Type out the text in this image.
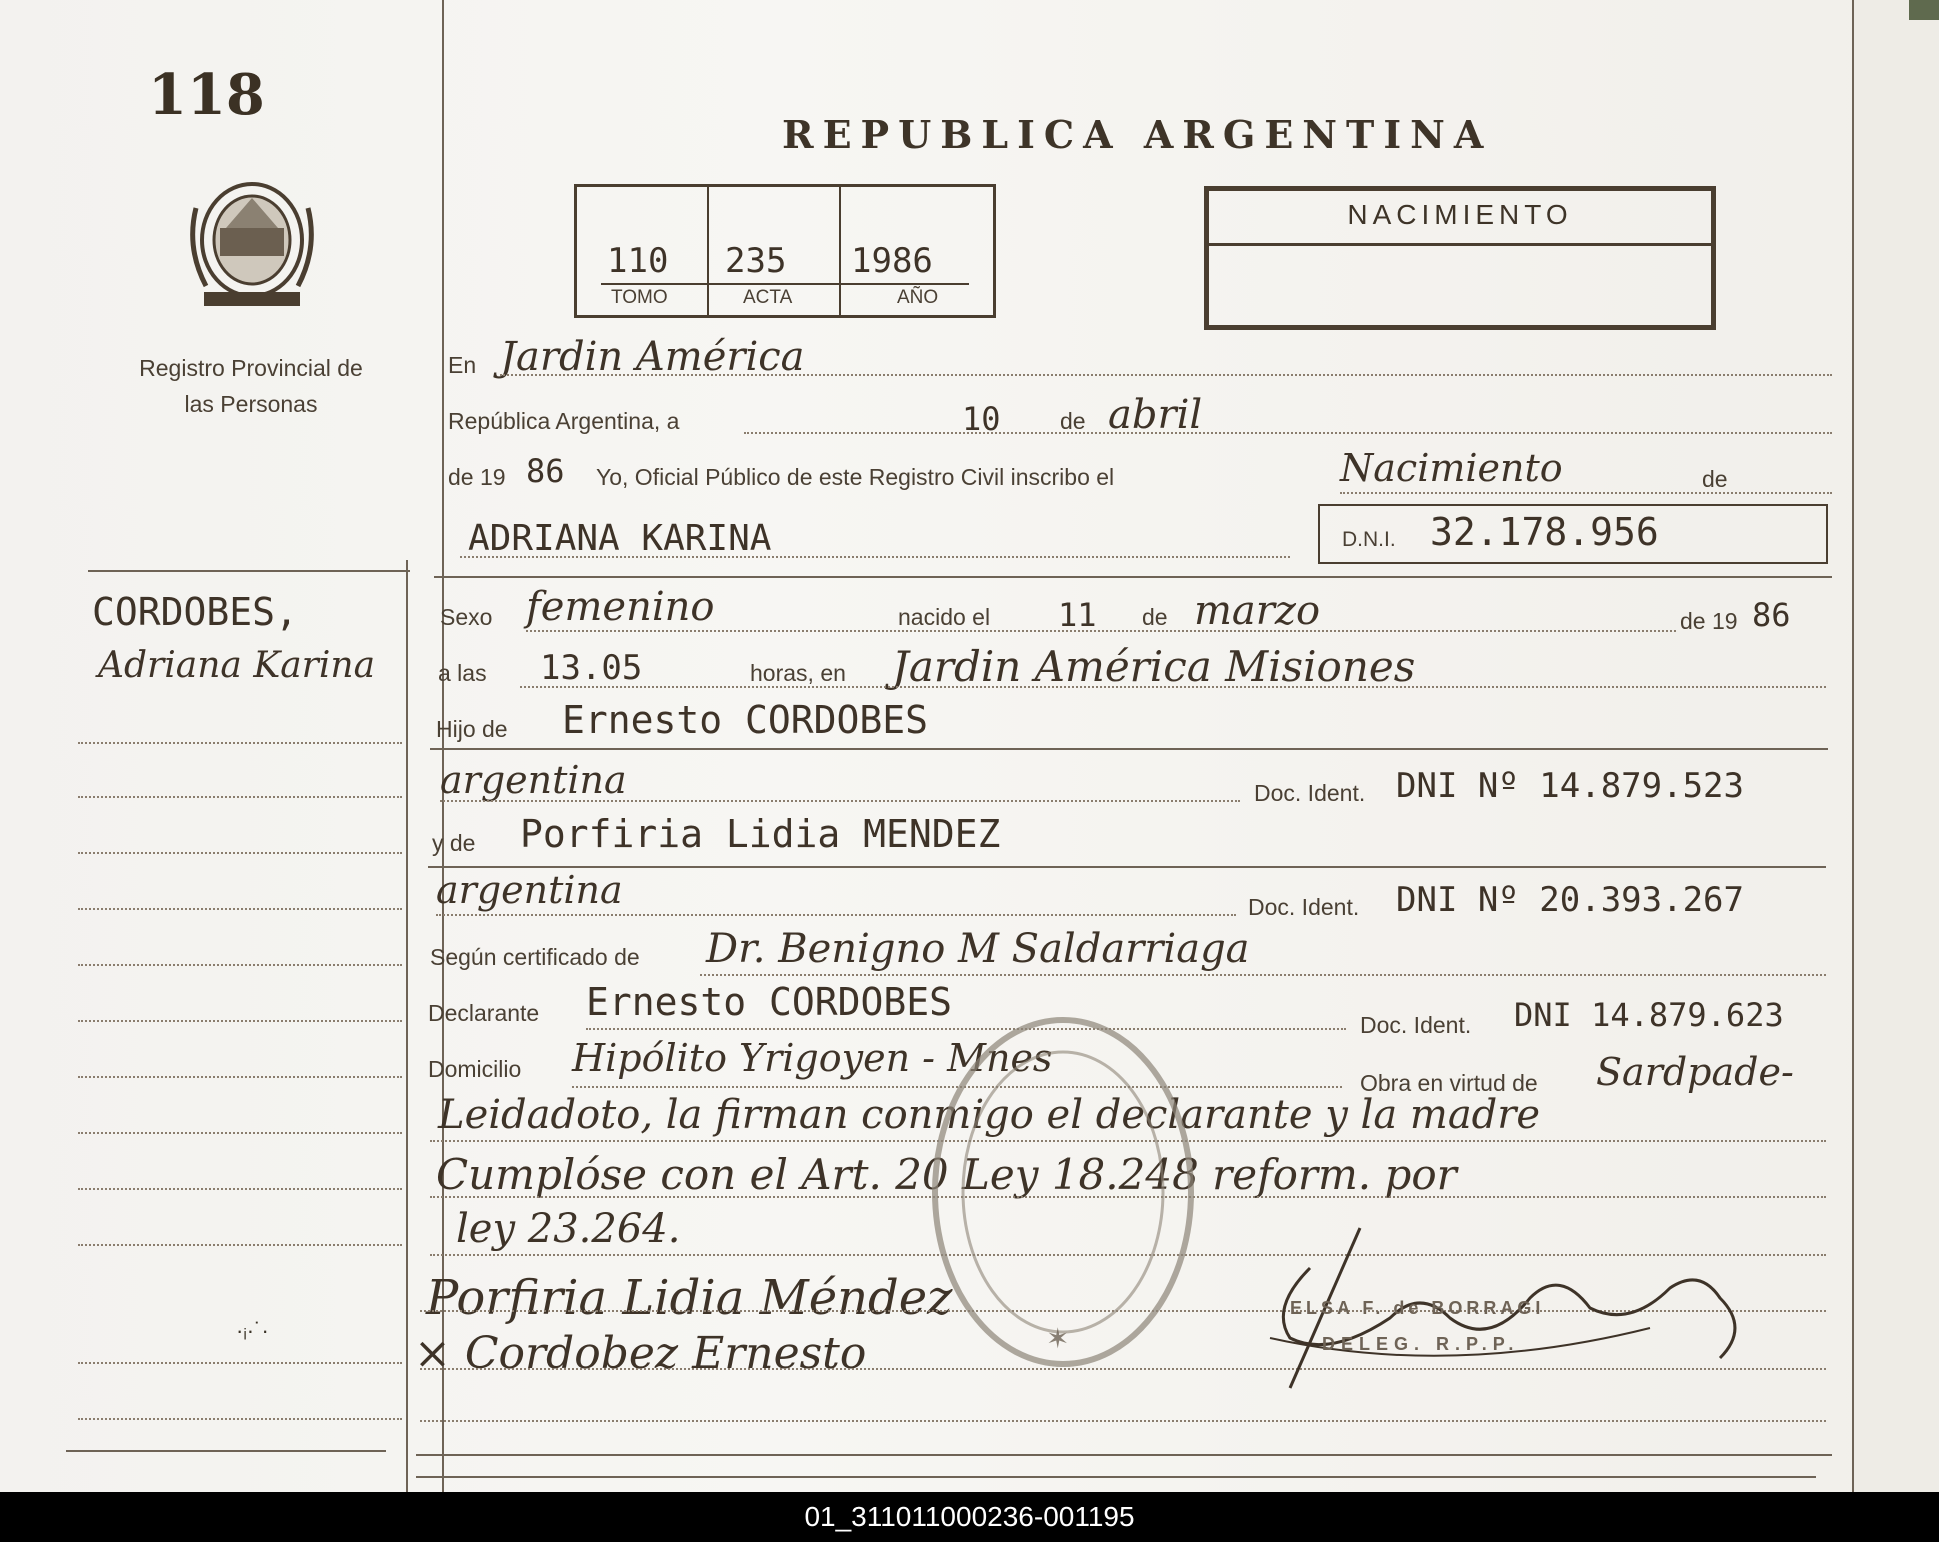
118
Registro Provincial de las Personas
REPUBLICA ARGENTINA
110
TOMO
235
ACTA
1986
AÑO
NACIMIENTO
CORDOBES,
Adriana Karina
·ᵢ·˙·
En Jardin América
República Argentina, a	10	de abril
de 19 86 Yo, Oficial Público de este Registro Civil inscribo el	Nacimiento	de
ADRIANA KARINA	D.N.I. 32.178.956
Sexo femenino	nacido el 11 de marzo	de 19 86
a las 13.05	horas, en Jardin América Misiones
Hijo de Ernesto CORDOBES
argentina	Doc. Ident. DNI Nº 14.879.523
y de Porfiria Lidia MENDEZ
argentina	Doc. Ident. DNI Nº 20.393.267
Según certificado de Dr. Benigno M Saldarriaga
Declarante Ernesto CORDOBES
Doc. Ident. DNI 14.879.623
Domicilio Hipólito Yrigoyen - Mnes
Obra en virtud de Sardpade-
Leidadoto, la firman conmigo el declarante y la madre
Cumplóse con el Art. 20 Ley 18.248 reform. por
ley 23.264.
Porfiria Lidia Méndez
× Cordobez Ernesto	✶
ELSA F. de BORRAGI
DELEG. R.P.P.
01_311011000236-001195
